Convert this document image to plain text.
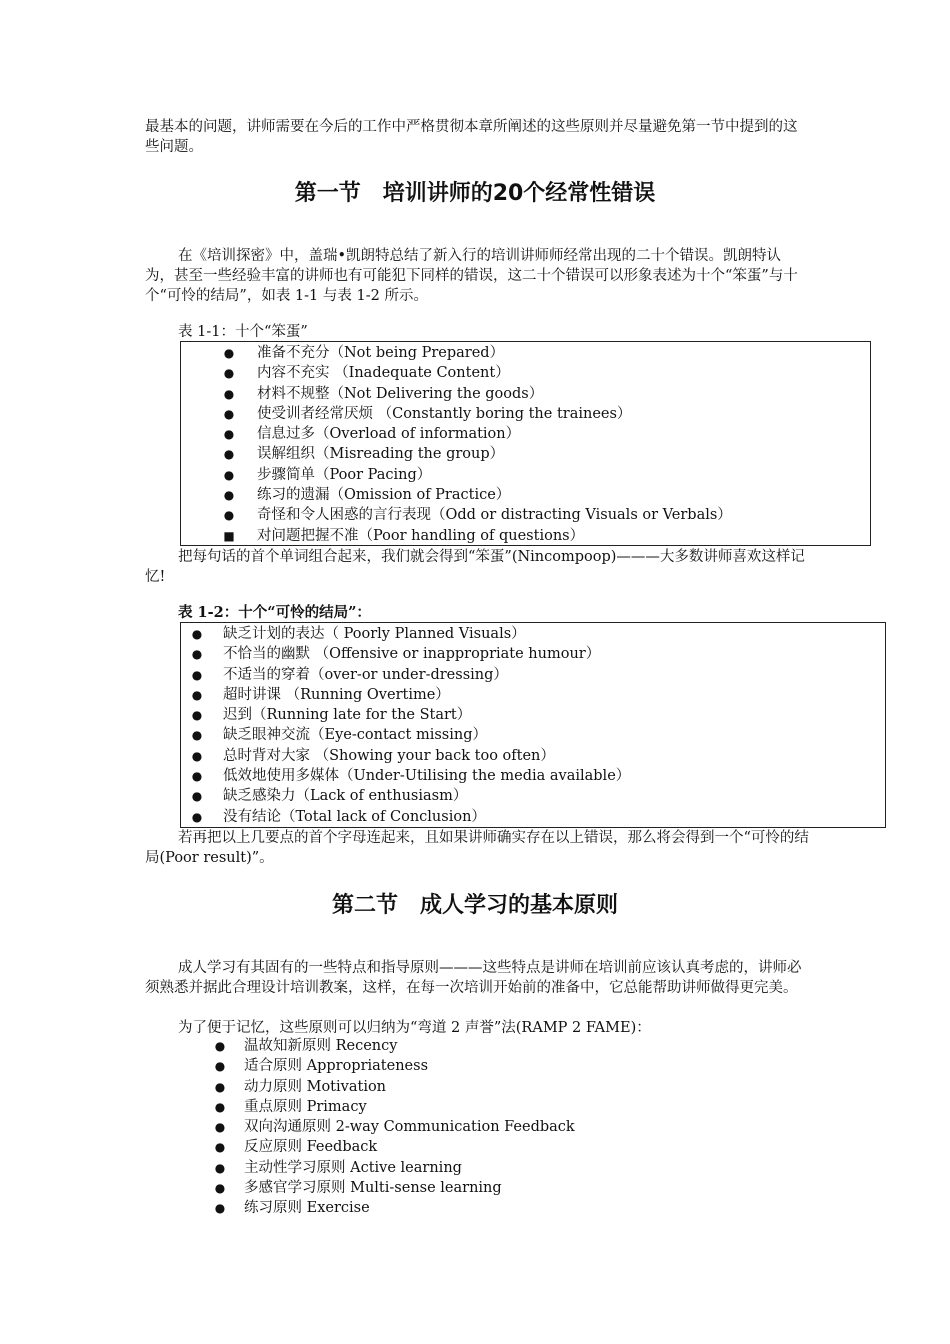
最基本的问题，讲师需要在今后的工作中严格贯彻本章所阐述的这些原则并尽量避免第一节中提到的这些问题。

第一节　培训讲师的20个经常性错误

在《培训探密》中，盖瑞•凯朗特总结了新入行的培训讲师师经常出现的二十个错误。凯朗特认为，甚至一些经验丰富的讲师也有可能犯下同样的错误，这二十个错误可以形象表述为十个“笨蛋”与十个“可怜的结局”，如表 1-1 与表 1-2 所示。

表 1-1：十个“笨蛋”

●	准备不充分（Not being Prepared）
●	内容不充实 （Inadequate Content）
●	材料不规整（Not Delivering the goods）
●	使受训者经常厌烦 （Constantly boring the trainees）
●	信息过多（Overload of information）
●	误解组织（Misreading the group）
●	步骤简单（Poor Pacing）
●	练习的遗漏（Omission of Practice）
●	奇怪和令人困惑的言行表现（Odd or distracting Visuals or Verbals）
■ 对问题把握不准（Poor handling of questions）

把每句话的首个单词组合起来，我们就会得到“笨蛋”(Nincompoop)———大多数讲师喜欢这样记忆!

表 1-2：十个“可怜的结局”：

●	缺乏计划的表达（ Poorly Planned Visuals）
●	不恰当的幽默 （Offensive or inappropriate humour）
●	不适当的穿着（over-or under-dressing）
●	超时讲课 （Running Overtime）
●	迟到（Running late for the Start）
●	缺乏眼神交流（Eye-contact missing）
●	总时背对大家 （Showing your back too often）
●	低效地使用多媒体（Under-Utilising the media available）
●	缺乏感染力（Lack of enthusiasm）
●	没有结论（Total lack of Conclusion）

若再把以上几要点的首个字母连起来，且如果讲师确实存在以上错误，那么将会得到一个“可怜的结局(Poor result)”。

第二节　成人学习的基本原则

成人学习有其固有的一些特点和指导原则———这些特点是讲师在培训前应该认真考虑的，讲师必须熟悉并据此合理设计培训教案，这样，在每一次培训开始前的准备中，它总能帮助讲师做得更完美。

为了便于记忆，这些原则可以归纳为“弯道 2 声誉”法(RAMP 2 FAME)：

●	温故知新原则 Recency
●	适合原则 Appropriateness
●	动力原则 Motivation
●	重点原则 Primacy
●	双向沟通原则 2-way Communication Feedback
●	反应原则 Feedback
●	主动性学习原则 Active learning
●	多感官学习原则 Multi-sense learning
●	练习原则 Exercise
